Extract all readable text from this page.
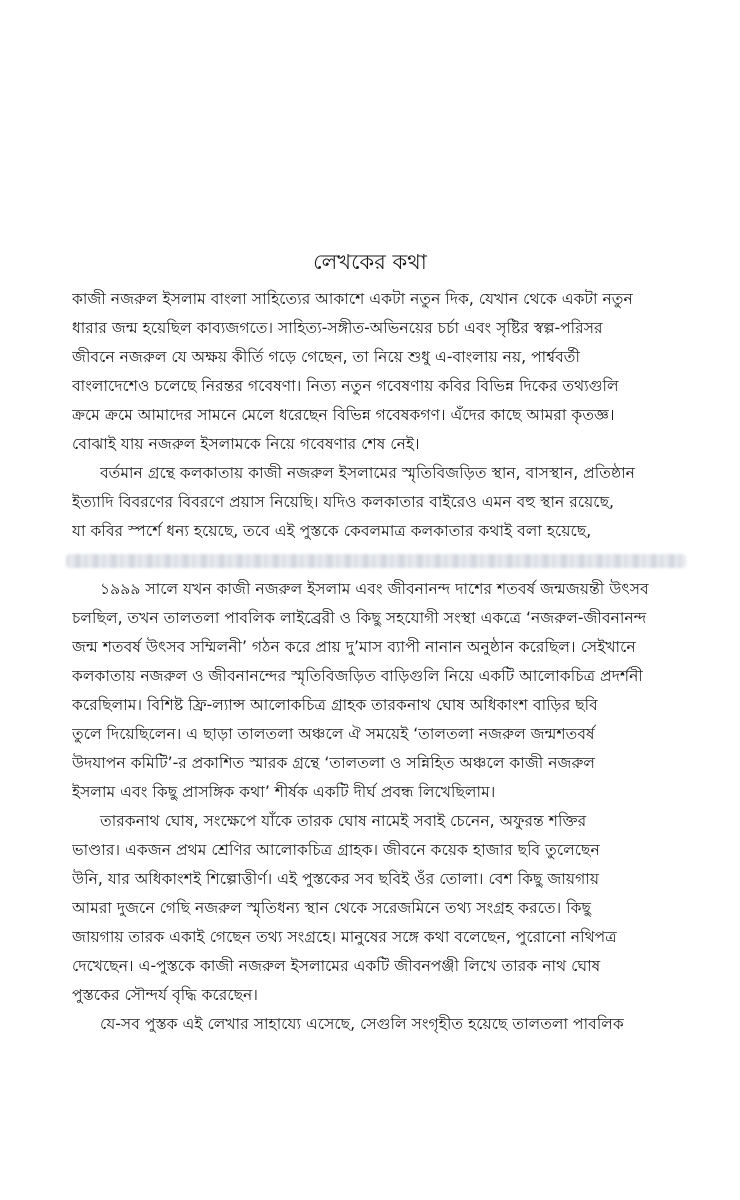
লেখকের কথা
কাজী নজরুল ইসলাম বাংলা সাহিত্যের আকাশে একটা নতুন দিক, যেখান থেকে একটা নতুন
ধারার জন্ম হয়েছিল কাব্যজগতে। সাহিত্য-সঙ্গীত-অভিনয়ের চর্চা এবং সৃষ্টির স্বল্প-পরিসর
জীবনে নজরুল যে অক্ষয় কীর্তি গড়ে গেছেন, তা নিয়ে শুধু এ-বাংলায় নয়, পার্শ্ববর্তী
বাংলাদেশেও চলেছে নিরন্তর গবেষণা। নিত্য নতুন গবেষণায় কবির বিভিন্ন দিকের তথ্যগুলি
ক্রমে ক্রমে আমাদের সামনে মেলে ধরেছেন বিভিন্ন গবেষকগণ। এঁদের কাছে আমরা কৃতজ্ঞ।
বোঝাই যায় নজরুল ইসলামকে নিয়ে গবেষণার শেষ নেই।
বর্তমান গ্রন্থে কলকাতায় কাজী নজরুল ইসলামের স্মৃতিবিজড়িত স্থান, বাসস্থান, প্রতিষ্ঠান
ইত্যাদি বিবরণের বিবরণে প্রয়াস নিয়েছি। যদিও কলকাতার বাইরেও এমন বহু স্থান রয়েছে,
যা কবির স্পর্শে ধন্য হয়েছে, তবে এই পুস্তকে কেবলমাত্র কলকাতার কথাই বলা হয়েছে,
১৯৯৯ সালে যখন কাজী নজরুল ইসলাম এবং জীবনানন্দ দাশের শতবর্ষ জন্মজয়ন্তী উৎসব
চলছিল, তখন তালতলা পাবলিক লাইব্রেরী ও কিছু সহযোগী সংস্থা একত্রে ‘নজরুল-জীবনানন্দ
জন্ম শতবর্ষ উৎসব সম্মিলনী’ গঠন করে প্রায় দু’মাস ব্যাপী নানান অনুষ্ঠান করেছিল। সেইখানে
কলকাতায় নজরুল ও জীবনানন্দের স্মৃতিবিজড়িত বাড়িগুলি নিয়ে একটি আলোকচিত্র প্রদর্শনী
করেছিলাম। বিশিষ্ট ফ্রি-ল্যান্স আলোকচিত্র গ্রাহক তারকনাথ ঘোষ অধিকাংশ বাড়ির ছবি
তুলে দিয়েছিলেন। এ ছাড়া তালতলা অঞ্চলে ঐ সময়েই ‘তালতলা নজরুল জন্মশতবর্ষ
উদযাপন কমিটি’-র প্রকাশিত স্মারক গ্রন্থে ‘তালতলা ও সন্নিহিত অঞ্চলে কাজী নজরুল
ইসলাম এবং কিছু প্রাসঙ্গিক কথা’ শীর্ষক একটি দীর্ঘ প্রবন্ধ লিখেছিলাম।
তারকনাথ ঘোষ, সংক্ষেপে যাঁকে তারক ঘোষ নামেই সবাই চেনেন, অফুরন্ত শক্তির
ভাণ্ডার। একজন প্রথম শ্রেণির আলোকচিত্র গ্রাহক। জীবনে কয়েক হাজার ছবি তুলেছেন
উনি, যার অধিকাংশই শিল্পোত্তীর্ণ। এই পুস্তকের সব ছবিই ওঁর তোলা। বেশ কিছু জায়গায়
আমরা দুজনে গেছি নজরুল স্মৃতিধন্য স্থান থেকে সরেজমিনে তথ্য সংগ্রহ করতে। কিছু
জায়গায় তারক একাই গেছেন তথ্য সংগ্রহে। মানুষের সঙ্গে কথা বলেছেন, পুরোনো নথিপত্র
দেখেছেন। এ-পুস্তকে কাজী নজরুল ইসলামের একটি জীবনপঞ্জী লিখে তারক নাথ ঘোষ
পুস্তকের সৌন্দর্য বৃদ্ধি করেছেন।
যে-সব পুস্তক এই লেখার সাহায্যে এসেছে, সেগুলি সংগৃহীত হয়েছে তালতলা পাবলিক
